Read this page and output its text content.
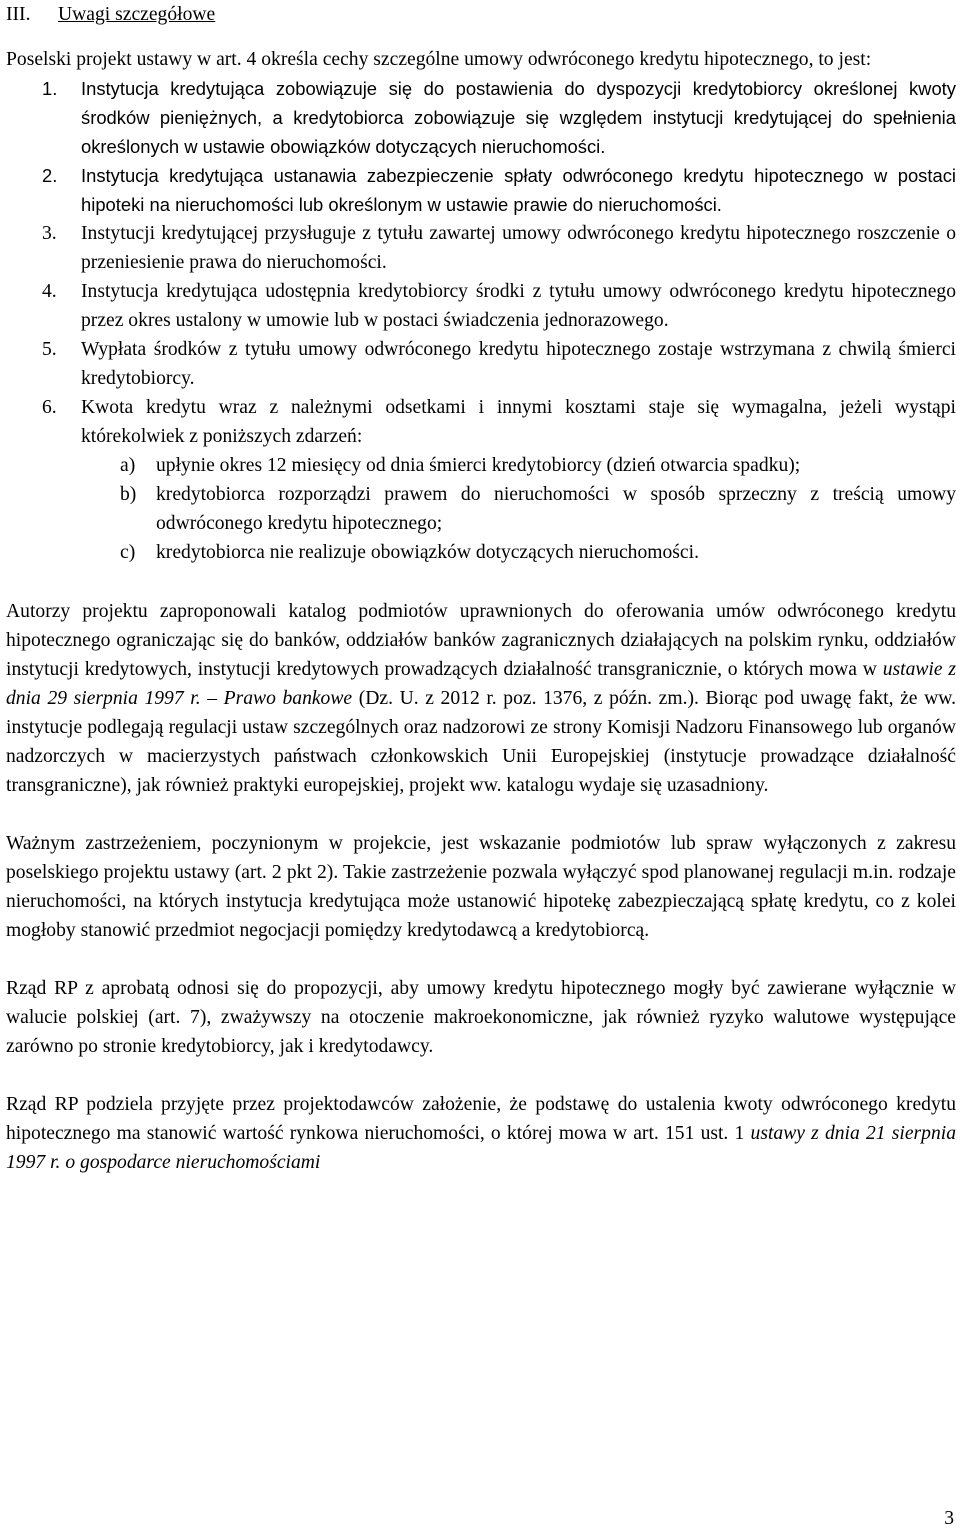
III. Uwagi szczegółowe

Poselski projekt ustawy w art. 4 określa cechy szczególne umowy odwróconego kredytu hipotecznego, to jest:

1. Instytucja kredytująca zobowiązuje się do postawienia do dyspozycji kredytobiorcy określonej kwoty środków pieniężnych, a kredytobiorca zobowiązuje się względem instytucji kredytującej do spełnienia określonych w ustawie obowiązków dotyczących nieruchomości.
2. Instytucja kredytująca ustanawia zabezpieczenie spłaty odwróconego kredytu hipotecznego w postaci hipoteki na nieruchomości lub określonym w ustawie prawie do nieruchomości.
3. Instytucji kredytującej przysługuje z tytułu zawartej umowy odwróconego kredytu hipotecznego roszczenie o przeniesienie prawa do nieruchomości.
4. Instytucja kredytująca udostępnia kredytobiorcy środki z tytułu umowy odwróconego kredytu hipotecznego przez okres ustalony w umowie lub w postaci świadczenia jednorazowego.
5. Wypłata środków z tytułu umowy odwróconego kredytu hipotecznego zostaje wstrzymana z chwilą śmierci kredytobiorcy.
6. Kwota kredytu wraz z należnymi odsetkami i innymi kosztami staje się wymagalna, jeżeli wystąpi którekolwiek z poniższych zdarzeń:
a) upłynie okres 12 miesięcy od dnia śmierci kredytobiorcy (dzień otwarcia spadku);
b) kredytobiorca rozporządzi prawem do nieruchomości w sposób sprzeczny z treścią umowy odwróconego kredytu hipotecznego;
c) kredytobiorca nie realizuje obowiązków dotyczących nieruchomości.

Autorzy projektu zaproponowali katalog podmiotów uprawnionych do oferowania umów odwróconego kredytu hipotecznego ograniczając się do banków, oddziałów banków zagranicznych działających na polskim rynku, oddziałów instytucji kredytowych, instytucji kredytowych prowadzących działalność transgranicznie, o których mowa w ustawie z dnia 29 sierpnia 1997 r. – Prawo bankowe (Dz. U. z 2012 r. poz. 1376, z późn. zm.). Biorąc pod uwagę fakt, że ww. instytucje podlegają regulacji ustaw szczególnych oraz nadzorowi ze strony Komisji Nadzoru Finansowego lub organów nadzorczych w macierzystych państwach członkowskich Unii Europejskiej (instytucje prowadzące działalność transgraniczne), jak również praktyki europejskiej, projekt ww. katalogu wydaje się uzasadniony.

Ważnym zastrzeżeniem, poczynionym w projekcie, jest wskazanie podmiotów lub spraw wyłączonych z zakresu poselskiego projektu ustawy (art. 2 pkt 2). Takie zastrzeżenie pozwala wyłączyć spod planowanej regulacji m.in. rodzaje nieruchomości, na których instytucja kredytująca może ustanowić hipotekę zabezpieczającą spłatę kredytu, co z kolei mogłoby stanowić przedmiot negocjacji pomiędzy kredytodawcą a kredytobiorcą.

Rząd RP z aprobatą odnosi się do propozycji, aby umowy kredytu hipotecznego mogły być zawierane wyłącznie w walucie polskiej (art. 7), zważywszy na otoczenie makroekonomiczne, jak również ryzyko walutowe występujące zarówno po stronie kredytobiorcy, jak i kredytodawcy.

Rząd RP podziela przyjęte przez projektodawców założenie, że podstawę do ustalenia kwoty odwróconego kredytu hipotecznego ma stanowić wartość rynkowa nieruchomości, o której mowa w art. 151 ust. 1 ustawy z dnia 21 sierpnia 1997 r. o gospodarce nieruchomościami

3
